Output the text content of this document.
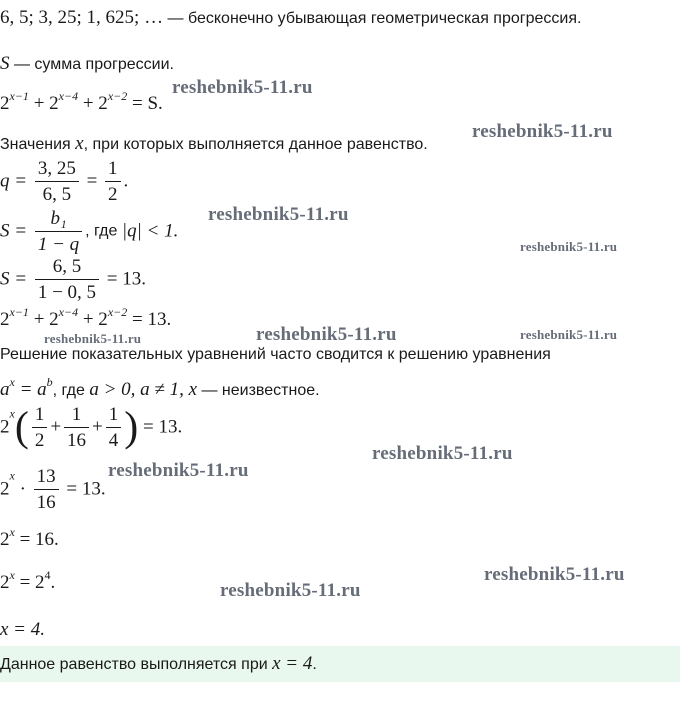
6, 5; 3, 25; 1, 625; … — бесконечно убывающая геометрическая прогрессия.
S — сумма прогрессии.
$2^{x-1} + 2^{x-4} + 2^{x-2} = S$.
Значения x, при которых выполняется данное равенство.
$q = \frac{3, 25}{6, 5} = \frac{1}{2}$ .
$S = \frac{\text{b₁}}{1 - q}$ , где |q| < 1.
$S = \frac{6, 5}{1 - 0, 5} = 13$.
$2^{x-1} + 2^{x-4} + 2^{x-2} = 13$.
Решение показательных уравнений часто сводится к решению уравнения
$a^x = a^b$, где a > 0, a ≠ 1, x — неизвестное.
$2^x( \frac{1}{2} + \frac{1}{16} + \frac{1}{4}$ ) = 13.
$2^x \cdot \frac{13}{16} = 13$.
$2^x = 16$.
$2^x = 2^4$.
x = 4.
Данное равенство выполняется при x = 4.
reshebnik5-11.ru
reshebnik5-11.ru
reshebnik5-11.ru
reshebnik5-11.ru
reshebnik5-11.ru	reshebnik5-11.ru	reshebnik5-11.ru
reshebnik5-11.ru
reshebnik5-11.ru
reshebnik5-11.ru
reshebnik5-11.ru
